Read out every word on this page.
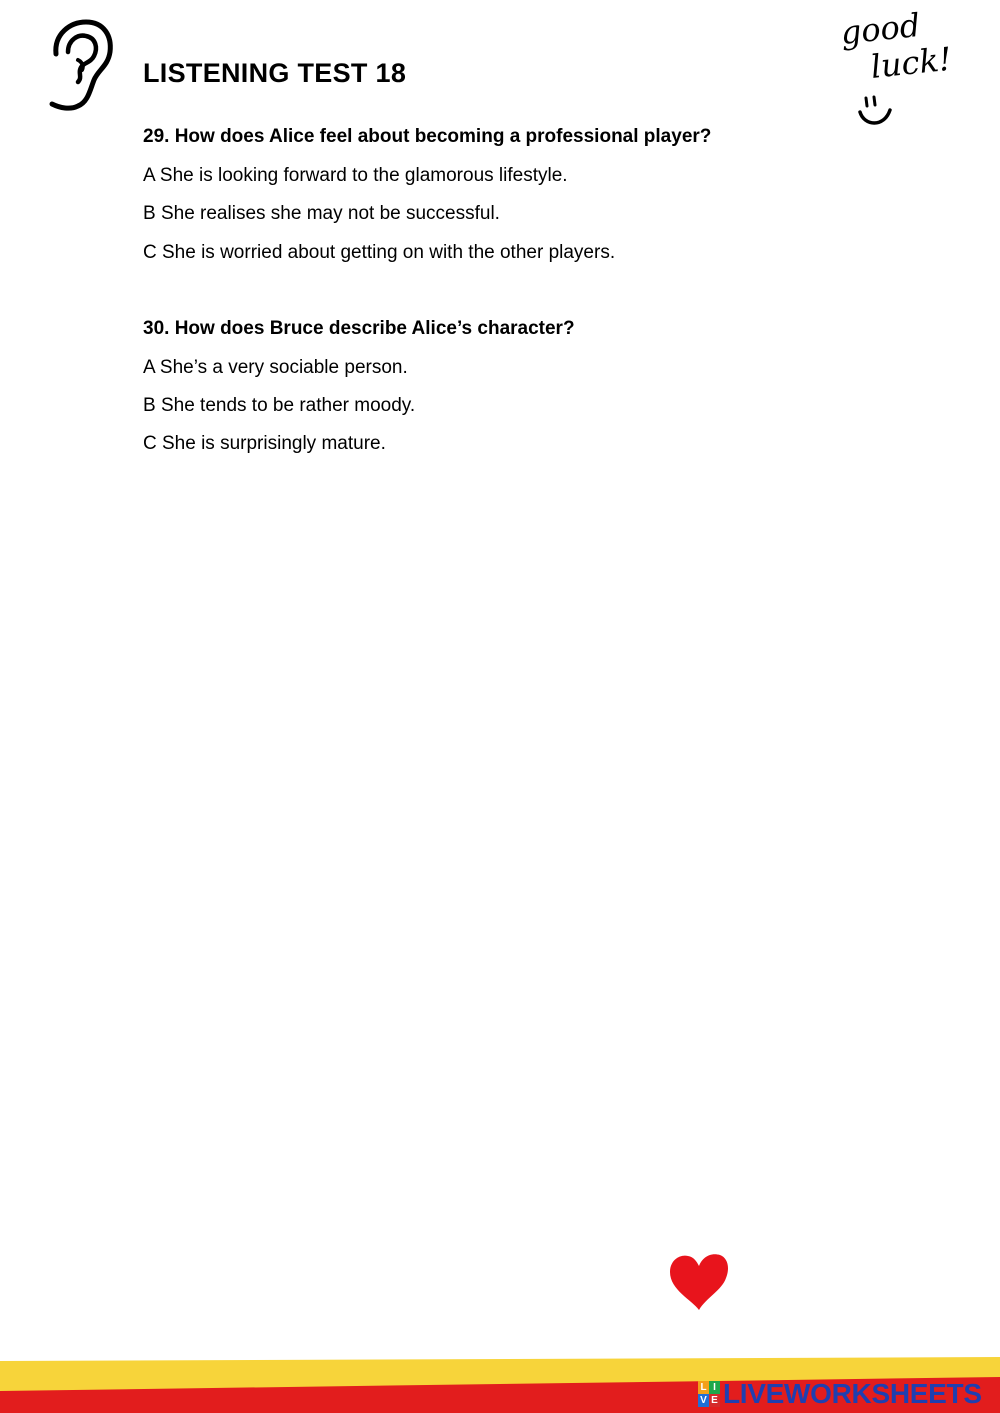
LISTENING TEST 18
good
luck!
29. How does Alice feel about becoming a professional player?
A She is looking forward to the glamorous lifestyle.
B She realises she may not be successful.
C She is worried about getting on with the other players.
30. How does Bruce describe Alice’s character?
A She’s a very sociable person.
B She tends to be rather moody.
C She is surprisingly mature.
L I
V E LIVEWORKSHEETS
